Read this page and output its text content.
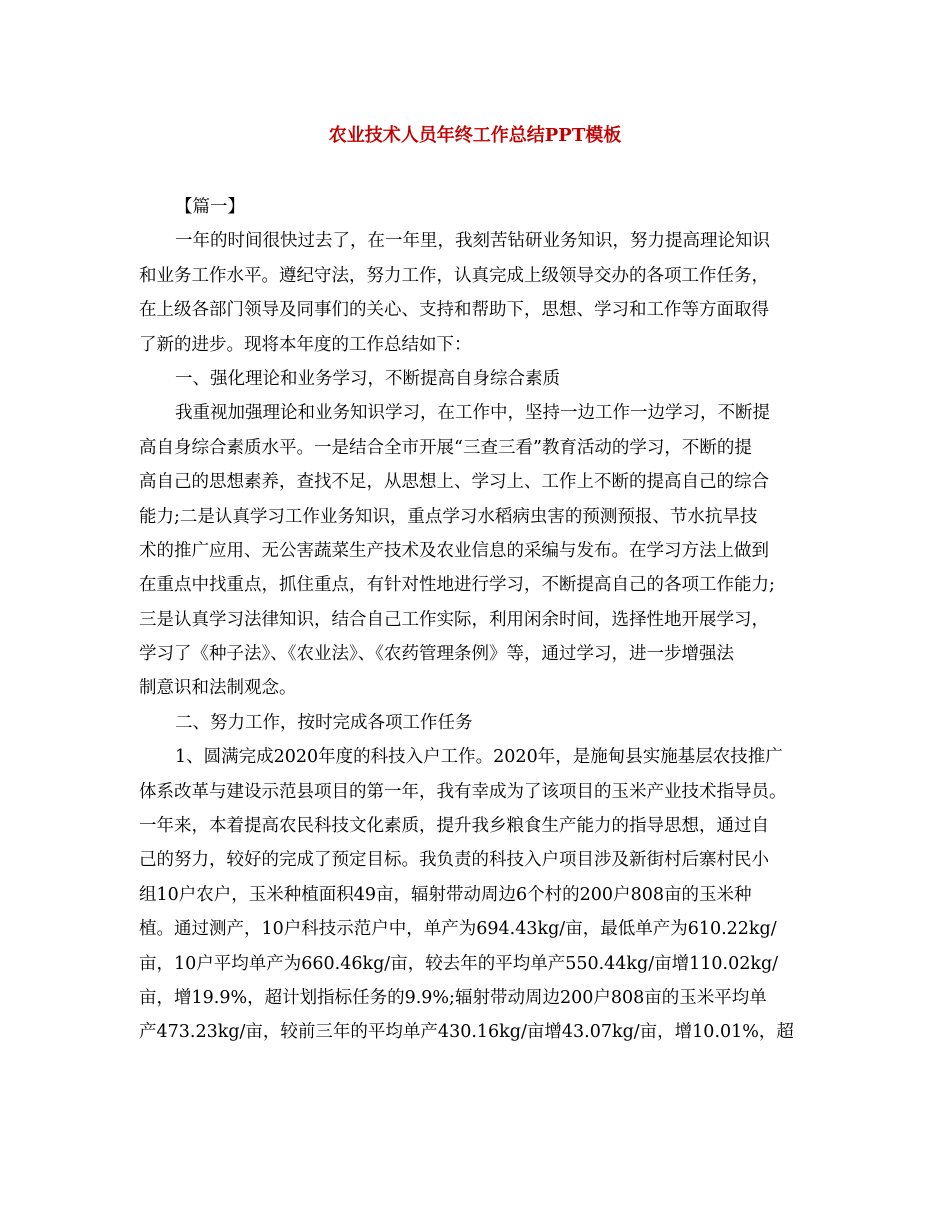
农业技术人员年终工作总结PPT模板
【篇一】
一年的时间很快过去了，在一年里，我刻苦钻研业务知识，努力提高理论知识
和业务工作水平。遵纪守法，努力工作，认真完成上级领导交办的各项工作任务，
在上级各部门领导及同事们的关心、支持和帮助下，思想、学习和工作等方面取得
了新的进步。现将本年度的工作总结如下：
一、强化理论和业务学习，不断提高自身综合素质
我重视加强理论和业务知识学习，在工作中，坚持一边工作一边学习，不断提
高自身综合素质水平。一是结合全市开展“三查三看”教育活动的学习，不断的提
高自己的思想素养，查找不足，从思想上、学习上、工作上不断的提高自己的综合
能力;二是认真学习工作业务知识，重点学习水稻病虫害的预测预报、节水抗旱技
术的推广应用、无公害蔬菜生产技术及农业信息的采编与发布。在学习方法上做到
在重点中找重点，抓住重点，有针对性地进行学习，不断提高自己的各项工作能力;
三是认真学习法律知识，结合自己工作实际，利用闲余时间，选择性地开展学习，
学习了《种子法》、《农业法》、《农药管理条例》等，通过学习，进一步增强法
制意识和法制观念。
二、努力工作，按时完成各项工作任务
1、圆满完成2020年度的科技入户工作。2020年，是施甸县实施基层农技推广
体系改革与建设示范县项目的第一年，我有幸成为了该项目的玉米产业技术指导员。
一年来，本着提高农民科技文化素质，提升我乡粮食生产能力的指导思想，通过自
己的努力，较好的完成了预定目标。我负责的科技入户项目涉及新街村后寨村民小
组10户农户，玉米种植面积49亩，辐射带动周边6个村的200户808亩的玉米种
植。通过测产，10户科技示范户中，单产为694.43kg/亩，最低单产为610.22kg/
亩，10户平均单产为660.46kg/亩，较去年的平均单产550.44kg/亩增110.02kg/
亩，增19.9%，超计划指标任务的9.9%;辐射带动周边200户808亩的玉米平均单
产473.23kg/亩，较前三年的平均单产430.16kg/亩增43.07kg/亩，增10.01%，超
